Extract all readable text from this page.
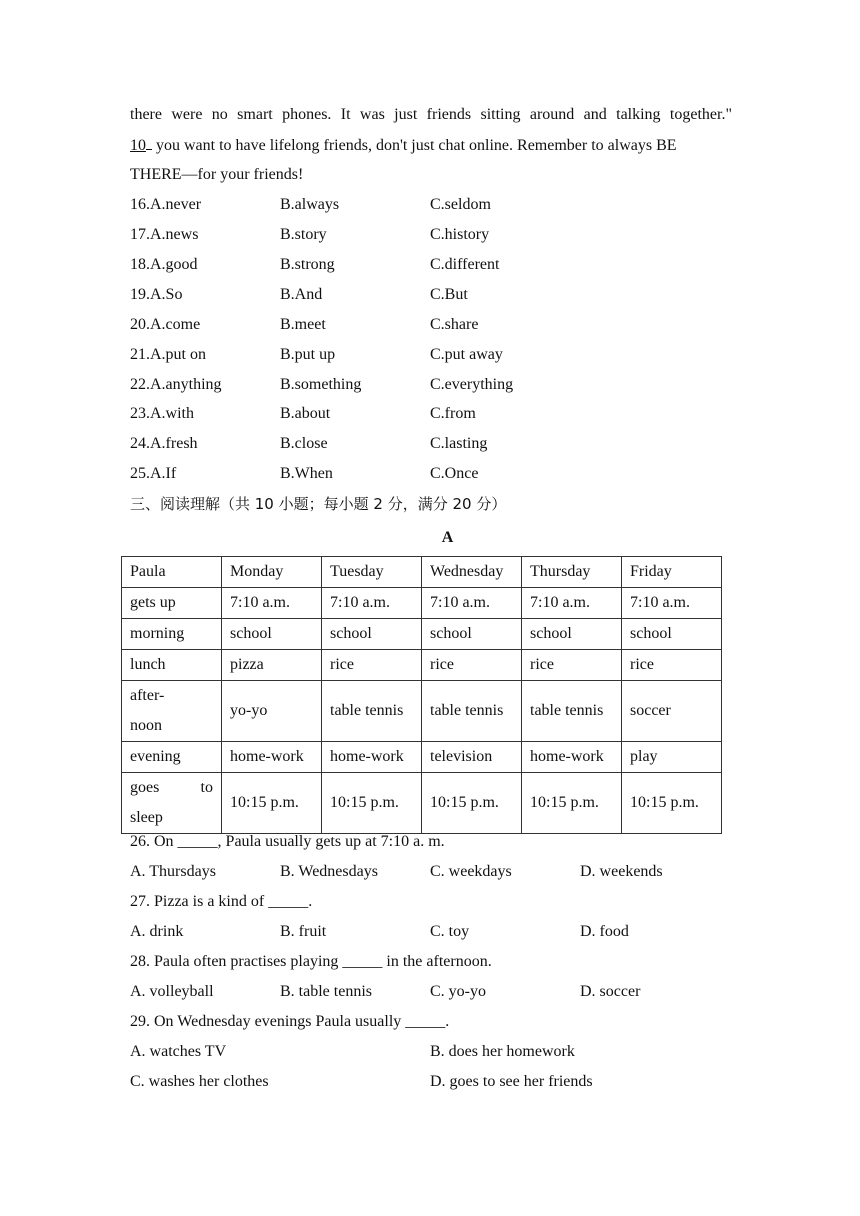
there were no smart phones. It was just friends sitting around and talking together."
10 you want to have lifelong friends, don't just chat online. Remember to always BE
THERE—for your friends!
16.A.never	B.always	C.seldom
17.A.news	B.story	C.history
18.A.good	B.strong	C.different
19.A.So	B.And	C.But
20.A.come	B.meet	C.share
21.A.put on	B.put up	C.put away
22.A.anything	B.something	C.everything
23.A.with	B.about	C.from
24.A.fresh	B.close	C.lasting
25.A.If	B.When	C.Once
三、阅读理解（共 10 小题；每小题 2 分，满分 20 分）
A
Paula	Monday	Tuesday	Wednesday	Thursday	Friday
gets up	7:10 a.m.	7:10 a.m.	7:10 a.m.	7:10 a.m.	7:10 a.m.
morning	school	school	school	school	school
lunch	pizza	rice	rice	rice	rice

after-
noon	yo-yo	table tennis	table tennis	table tennis	soccer
evening	home-work	home-work	television	home-work	play

goes to
sleep	10:15 p.m.	10:15 p.m.	10:15 p.m.	10:15 p.m.	10:15 p.m.
26. On _____, Paula usually gets up at 7:10 a. m.
A. Thursdays	B. Wednesdays	C. weekdays	D. weekends
27. Pizza is a kind of _____.
A. drink	B. fruit	C. toy	D. food
28. Paula often practises playing _____ in the afternoon.
A. volleyball	B. table tennis	C. yo-yo	D. soccer
29. On Wednesday evenings Paula usually _____.
A. watches TV	B. does her homework
C. washes her clothes	D. goes to see her friends
